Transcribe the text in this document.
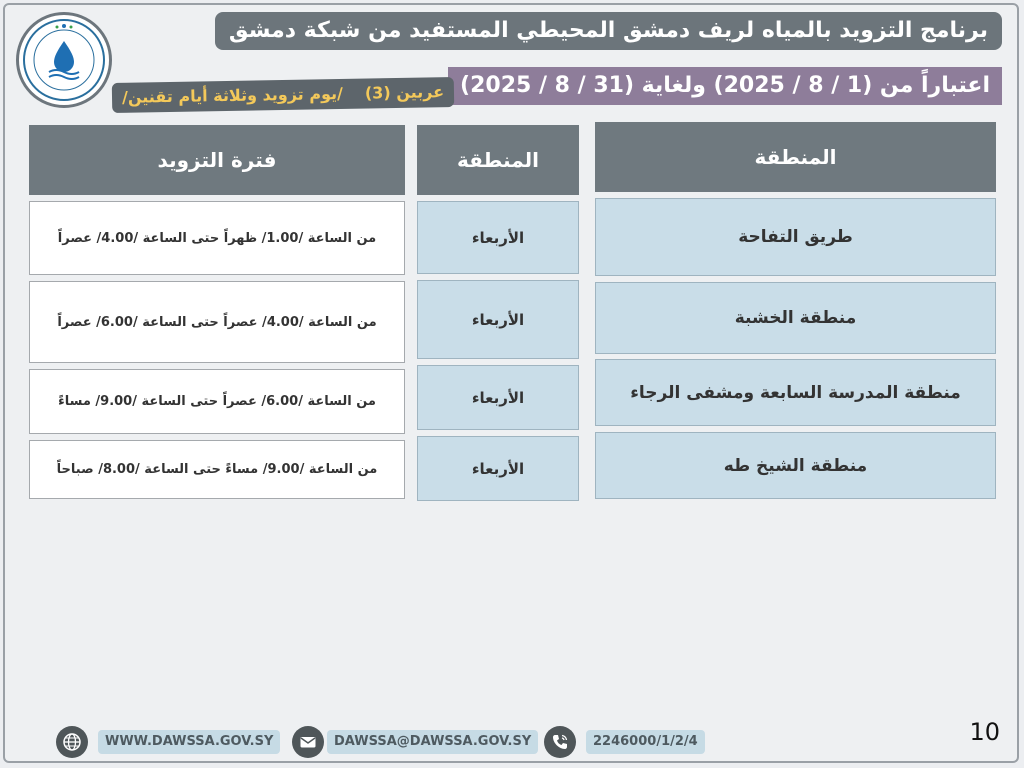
برنامج التزويد بالمياه لريف دمشق المحيطي المستفيد من شبكة دمشق
اعتباراً من (1 / 8 / 2025) ولغاية (31 / 8 / 2025)
عربين (3)/يوم تزويد وثلاثة أيام تقنين/
المنطقة
المنطقة
فترة التزويد
طريق التفاحة
الأربعاء
من الساعة /1.00/ ظهراً حتى الساعة /4.00/ عصراً
منطقة الخشبة
الأربعاء
من الساعة /4.00/ عصراً حتى الساعة /6.00/ عصراً
منطقة المدرسة السابعة ومشفى الرجاء
الأربعاء
من الساعة /6.00/ عصراً حتى الساعة /9.00/ مساءً
منطقة الشيخ طه
الأربعاء
من الساعة /9.00/ مساءً حتى الساعة /8.00/ صباحاً
10
WWW.DAWSSA.GOV.SY	DAWSSA@DAWSSA.GOV.SY	2246000/1/2/4
